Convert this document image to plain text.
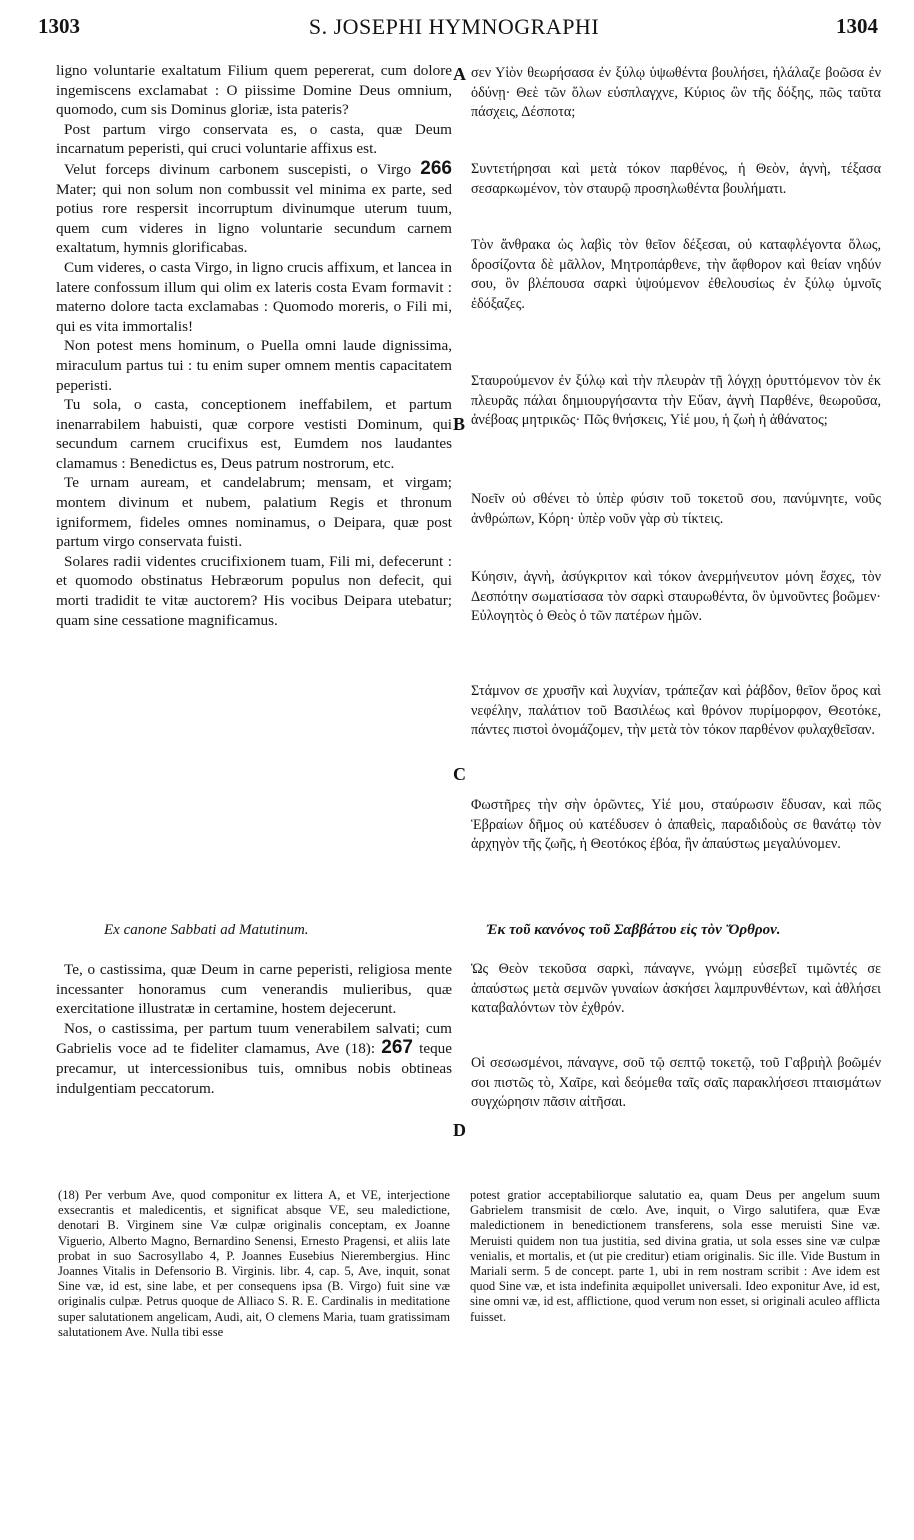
1303	S. JOSEPHI HYMNOGRAPHI	1304

ligno voluntarie exaltatum Filium quem pepererat, cum dolore ingemiscens exclamabat : O piissime Domine Deus omnium, quomodo, cum sis Dominus gloriæ, ista pateris?

Post partum virgo conservata es, o casta, quæ Deum incarnatum peperisti, qui cruci voluntarie affixus est.

Velut forceps divinum carbonem suscepisti, o Virgo 266 Mater; qui non solum non combussit vel minima ex parte, sed potius rore respersit incorruptum divinumque uterum tuum, quem cum videres in ligno voluntarie secundum carnem exaltatum, hymnis glorificabas.

Cum videres, o casta Virgo, in ligno crucis affixum, et lancea in latere confossum illum qui olim ex lateris costa Evam formavit : materno dolore tacta exclamabas : Quomodo moreris, o Fili mi, qui es vita immortalis!

Non potest mens hominum, o Puella omni laude dignissima, miraculum partus tui : tu enim super omnem mentis capacitatem peperisti.

Tu sola, o casta, conceptionem ineffabilem, et partum inenarrabilem habuisti, quæ corpore vestisti Dominum, qui secundum carnem crucifixus est, Eumdem nos laudantes clamamus : Benedictus es, Deus patrum nostrorum, etc.

Te urnam auream, et candelabrum; mensam, et virgam; montem divinum et nubem, palatium Regis et thronum igniformem, fideles omnes nominamus, o Deipara, quæ post partum virgo conservata fuisti.

Solares radii videntes crucifixionem tuam, Fili mi, defecerunt : et quomodo obstinatus Hebræorum populus non defecit, qui morti tradidit te vitæ auctorem? His vocibus Deipara utebatur; quam sine cessatione magnificamus.

Ex canone Sabbati ad Matutinum.

Te, o castissima, quæ Deum in carne peperisti, religiosa mente incessanter honoramus cum venerandis mulieribus, quæ exercitatione illustratæ in certamine, hostem dejecerunt.

Nos, o castissima, per partum tuum venerabilem salvati; cum Gabrielis voce ad te fideliter clamamus, Ave (18): 267 teque precamur, ut intercessionibus tuis, omnibus nobis obtineas indulgentiam peccatorum.

A
B
C
D
σεν Υἱὸν θεωρήσασα ἐν ξύλῳ ὑψωθέντα βουλήσει, ἠλάλαζε βοῶσα ἐν ὀδύνῃ· Θεὲ τῶν ὅλων εὐσπλαγχνε, Κύριος ὢν τῆς δόξης, πῶς ταῦτα πάσχεις, Δέσποτα;
Συντετήρησαι καὶ μετὰ τόκον παρθένος, ἡ Θεὸν, ἁγνὴ, τέξασα σεσαρκωμένον, τὸν σταυρῷ προσηλωθέντα βουλήματι.
Τὸν ἄνθρακα ὡς λαβὶς τὸν θεῖον δέξεσαι, οὐ καταφλέγοντα ὅλως, δροσίζοντα δὲ μᾶλλον, Μητροπάρθενε, τὴν ἄφθορον καὶ θείαν νηδύν σου, ὃν βλέπουσα σαρκὶ ὑψούμενον ἐθελουσίως ἐν ξύλῳ ὑμνοῖς ἐδόξαζες.
Σταυρούμενον ἐν ξύλῳ καὶ τὴν πλευρὰν τῇ λόγχῃ ὀρυττόμενον τὸν ἐκ πλευρᾶς πάλαι δημιουργήσαντα τὴν Εὔαν, ἁγνὴ Παρθένε, θεωροῦσα, ἀνέβοας μητρικῶς· Πῶς θνήσκεις, Υἱέ μου, ἡ ζωὴ ἡ ἀθάνατος;
Νοεῖν οὐ σθένει τὸ ὑπὲρ φύσιν τοῦ τοκετοῦ σου, πανύμνητε, νοῦς ἀνθρώπων, Κόρη· ὑπὲρ νοῦν γὰρ σὺ τίκτεις.
Κύησιν, ἁγνὴ, ἀσύγκριτον καὶ τόκον ἀνερμήνευτον μόνη ἔσχες, τὸν Δεσπότην σωματίσασα τὸν σαρκὶ σταυρωθέντα, ὃν ὑμνοῦντες βοῶμεν· Εὐλογητὸς ὁ Θεὸς ὁ τῶν πατέρων ἡμῶν.
Στάμνον σε χρυσῆν καὶ λυχνίαν, τράπεζαν καὶ ῥάβδον, θεῖον ὄρος καὶ νεφέλην, παλάτιον τοῦ Βασιλέως καὶ θρόνον πυρίμορφον, Θεοτόκε, πάντες πιστοὶ ὀνομάζομεν, τὴν μετὰ τὸν τόκον παρθένον φυλαχθεῖσαν.
Φωστῆρες τὴν σὴν ὁρῶντες, Υἱέ μου, σταύρωσιν ἔδυσαν, καὶ πῶς Ἑβραίων δῆμος οὐ κατέδυσεν ὁ ἀπαθεὶς, παραδιδοὺς σε θανάτῳ τὸν ἀρχηγὸν τῆς ζωῆς, ἡ Θεοτόκος ἐβόα, ἣν ἀπαύστως μεγαλύνομεν.
Ἐκ τοῦ κανόνος τοῦ Σαββάτου εἰς τὸν Ὄρθρον.
Ὡς Θεὸν τεκοῦσα σαρκὶ, πάναγνε, γνώμῃ εὐσεβεῖ τιμῶντές σε ἀπαύστως μετὰ σεμνῶν γυναίων ἀσκήσει λαμπρυνθέντων, καὶ ἀθλήσει καταβαλόντων τὸν ἐχθρόν.
Οἱ σεσωσμένοι, πάναγνε, σοῦ τῷ σεπτῷ τοκετῷ, τοῦ Γαβριὴλ βοῶμέν σοι πιστῶς τὸ, Χαῖρε, καὶ δεόμεθα ταῖς σαῖς παρακλήσεσι πταισμάτων συγχώρησιν πᾶσιν αἰτῆσαι.

(18) Per verbum Ave, quod componitur ex littera A, et VE, interjectione exsecrantis et maledicentis, et significat absque VE, seu maledictione, denotari B. Virginem sine Væ culpæ originalis conceptam, ex Joanne Viguerio, Alberto Magno, Bernardino Senensi, Ernesto Pragensi, et aliis late probat in suo Sacrosyllabo 4, P. Joannes Eusebius Nierembergius. Hinc Joannes Vitalis in Defensorio B. Virginis. libr. 4, cap. 5, Ave, inquit, sonat Sine væ, id est, sine labe, et per consequens ipsa (B. Virgo) fuit sine væ originalis culpæ. Petrus quoque de Alliaco S. R. E. Cardinalis in meditatione super salutationem angelicam, Audi, ait, O clemens Maria, tuam gratissimam salutationem Ave. Nulla tibi esse

potest gratior acceptabiliorque salutatio ea, quam Deus per angelum suum Gabrielem transmisit de cœlo. Ave, inquit, o Virgo salutifera, quæ Evæ maledictionem in benedictionem transferens, sola esse meruisti Sine væ. Meruisti quidem non tua justitia, sed divina gratia, ut sola esses sine væ culpæ venialis, et mortalis, et (ut pie creditur) etiam originalis. Sic ille. Vide Bustum in Mariali serm. 5 de concept. parte 1, ubi in rem nostram scribit : Ave idem est quod Sine væ, et ista indefinita æquipollet universali. Ideo exponitur Ave, id est, sine omni væ, id est, afflictione, quod verum non esset, si originali aculeo afflicta fuisset.
